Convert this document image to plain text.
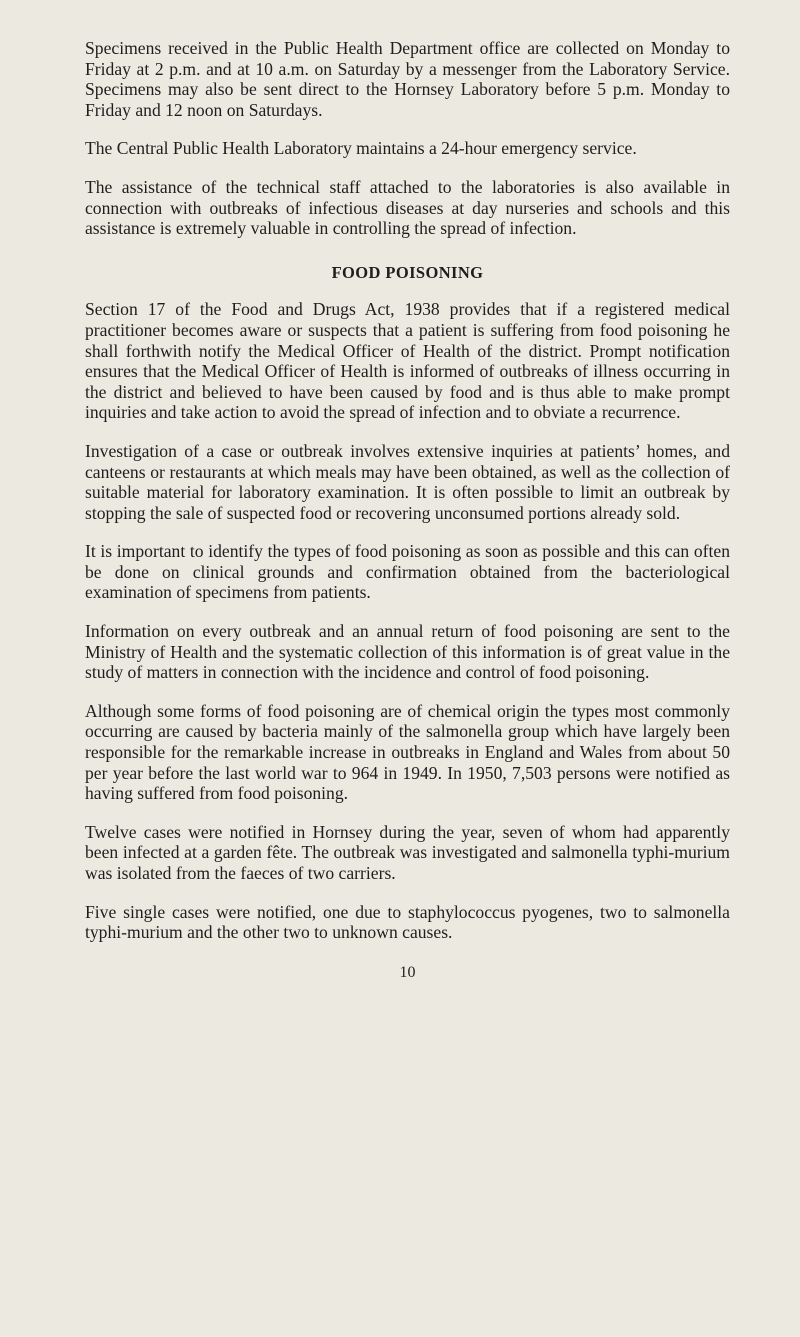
Specimens received in the Public Health Department office are collected on Monday to Friday at 2 p.m. and at 10 a.m. on Saturday by a messenger from the Laboratory Service. Specimens may also be sent direct to the Hornsey Laboratory before 5 p.m. Monday to Friday and 12 noon on Saturdays.

The Central Public Health Laboratory maintains a 24-hour emergency service.

The assistance of the technical staff attached to the laboratories is also available in connection with outbreaks of infectious diseases at day nurseries and schools and this assistance is extremely valuable in controlling the spread of infection.

FOOD POISONING

Section 17 of the Food and Drugs Act, 1938 provides that if a registered medical practitioner becomes aware or suspects that a patient is suffering from food poisoning he shall forthwith notify the Medical Officer of Health of the district. Prompt notification ensures that the Medical Officer of Health is informed of outbreaks of illness occurring in the district and believed to have been caused by food and is thus able to make prompt inquiries and take action to avoid the spread of infection and to obviate a recurrence.

Investigation of a case or outbreak involves extensive inquiries at patients’ homes, and canteens or restaurants at which meals may have been obtained, as well as the collection of suitable material for laboratory examination. It is often possible to limit an outbreak by stopping the sale of suspected food or recovering unconsumed portions already sold.

It is important to identify the types of food poisoning as soon as possible and this can often be done on clinical grounds and confirmation obtained from the bacteriological examination of specimens from patients.

Information on every outbreak and an annual return of food poisoning are sent to the Ministry of Health and the systematic collection of this information is of great value in the study of matters in connection with the incidence and control of food poisoning.

Although some forms of food poisoning are of chemical origin the types most commonly occurring are caused by bacteria mainly of the salmonella group which have largely been responsible for the remarkable increase in outbreaks in England and Wales from about 50 per year before the last world war to 964 in 1949. In 1950, 7,503 persons were notified as having suffered from food poisoning.

Twelve cases were notified in Hornsey during the year, seven of whom had apparently been infected at a garden fête. The outbreak was investigated and salmonella typhi-murium was isolated from the faeces of two carriers.

Five single cases were notified, one due to staphylococcus pyogenes, two to salmonella typhi-murium and the other two to unknown causes.

10
